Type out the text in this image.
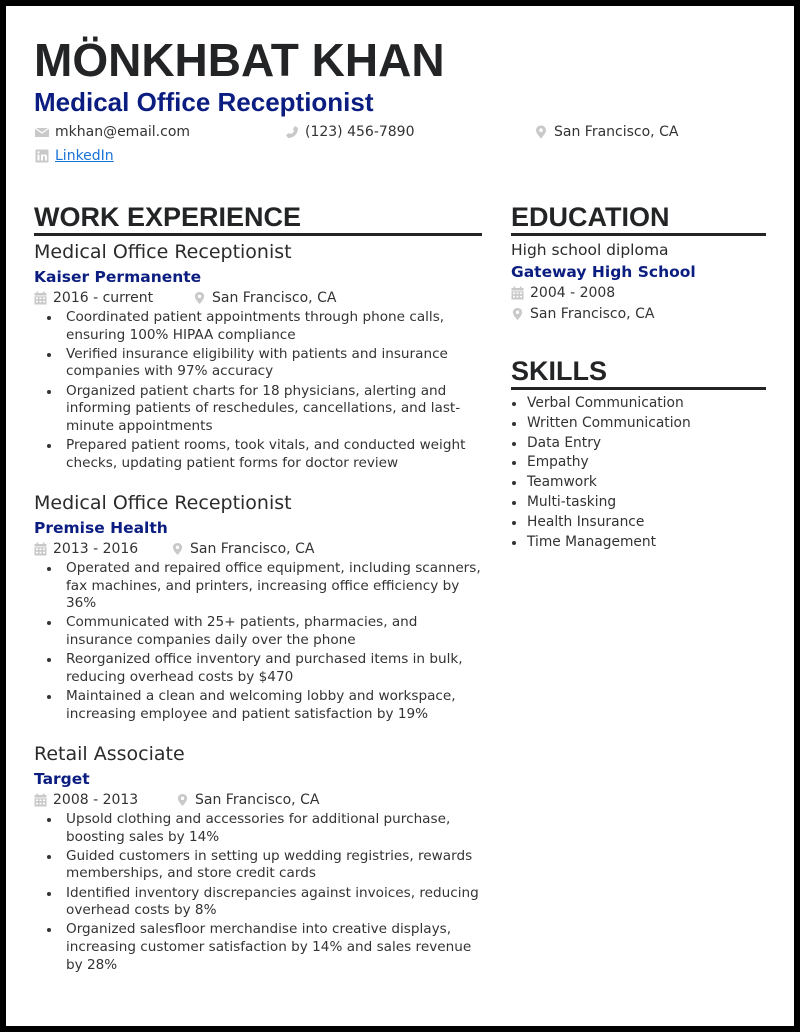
MÖNKHBAT KHAN
Medical Office Receptionist
mkhan@email.com	(123) 456-7890	San Francisco, CA
LinkedIn
WORK EXPERIENCE
Medical Office Receptionist
Kaiser Permanente
2016 - current	San Francisco, CA
Coordinated patient appointments through phone calls, ensuring 100% HIPAA compliance
Verified insurance eligibility with patients and insurance companies with 97% accuracy
Organized patient charts for 18 physicians, alerting and informing patients of reschedules, cancellations, and last-minute appointments
Prepared patient rooms, took vitals, and conducted weight checks, updating patient forms for doctor review
Medical Office Receptionist
Premise Health
2013 - 2016	San Francisco, CA
Operated and repaired office equipment, including scanners, fax machines, and printers, increasing office efficiency by 36%
Communicated with 25+ patients, pharmacies, and insurance companies daily over the phone
Reorganized office inventory and purchased items in bulk, reducing overhead costs by $470
Maintained a clean and welcoming lobby and workspace, increasing employee and patient satisfaction by 19%
Retail Associate
Target
2008 - 2013	San Francisco, CA
Upsold clothing and accessories for additional purchase, boosting sales by 14%
Guided customers in setting up wedding registries, rewards memberships, and store credit cards
Identified inventory discrepancies against invoices, reducing overhead costs by 8%
Organized salesfloor merchandise into creative displays, increasing customer satisfaction by 14% and sales revenue by 28%
EDUCATION
High school diploma
Gateway High School
2004 - 2008
San Francisco, CA
SKILLS
Verbal Communication
Written Communication
Data Entry
Empathy
Teamwork
Multi-tasking
Health Insurance
Time Management
